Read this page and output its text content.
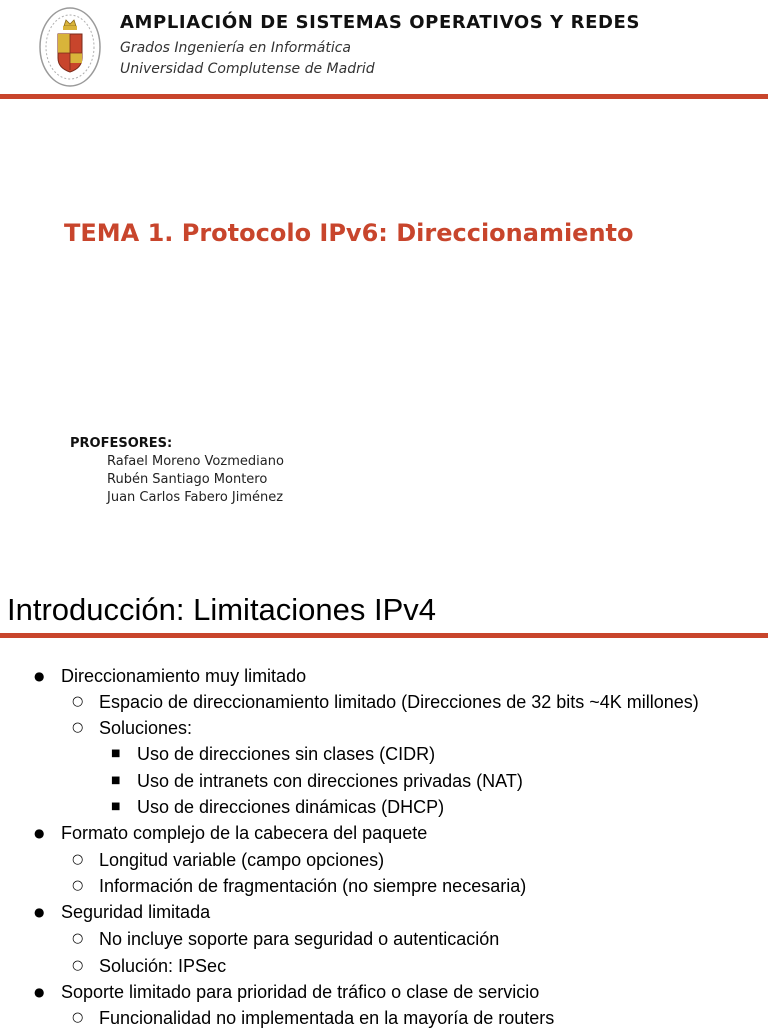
AMPLIACIÓN DE SISTEMAS OPERATIVOS Y REDES
Grados Ingeniería en Informática
Universidad Complutense de Madrid
TEMA 1. Protocolo IPv6: Direccionamiento
PROFESORES:
Rafael Moreno Vozmediano
Rubén Santiago Montero
Juan Carlos Fabero Jiménez
Introducción: Limitaciones IPv4
● Direccionamiento muy limitado
○ Espacio de direccionamiento limitado (Direcciones de 32 bits ~4K millones)
○ Soluciones:
■ Uso de direcciones sin clases (CIDR)
■ Uso de intranets con direcciones privadas (NAT)
■ Uso de direcciones dinámicas (DHCP)
● Formato complejo de la cabecera del paquete
○ Longitud variable (campo opciones)
○ Información de fragmentación (no siempre necesaria)
● Seguridad limitada
○ No incluye soporte para seguridad o autenticación
○ Solución: IPSec
● Soporte limitado para prioridad de tráfico o clase de servicio
○ Funcionalidad no implementada en la mayoría de routers
